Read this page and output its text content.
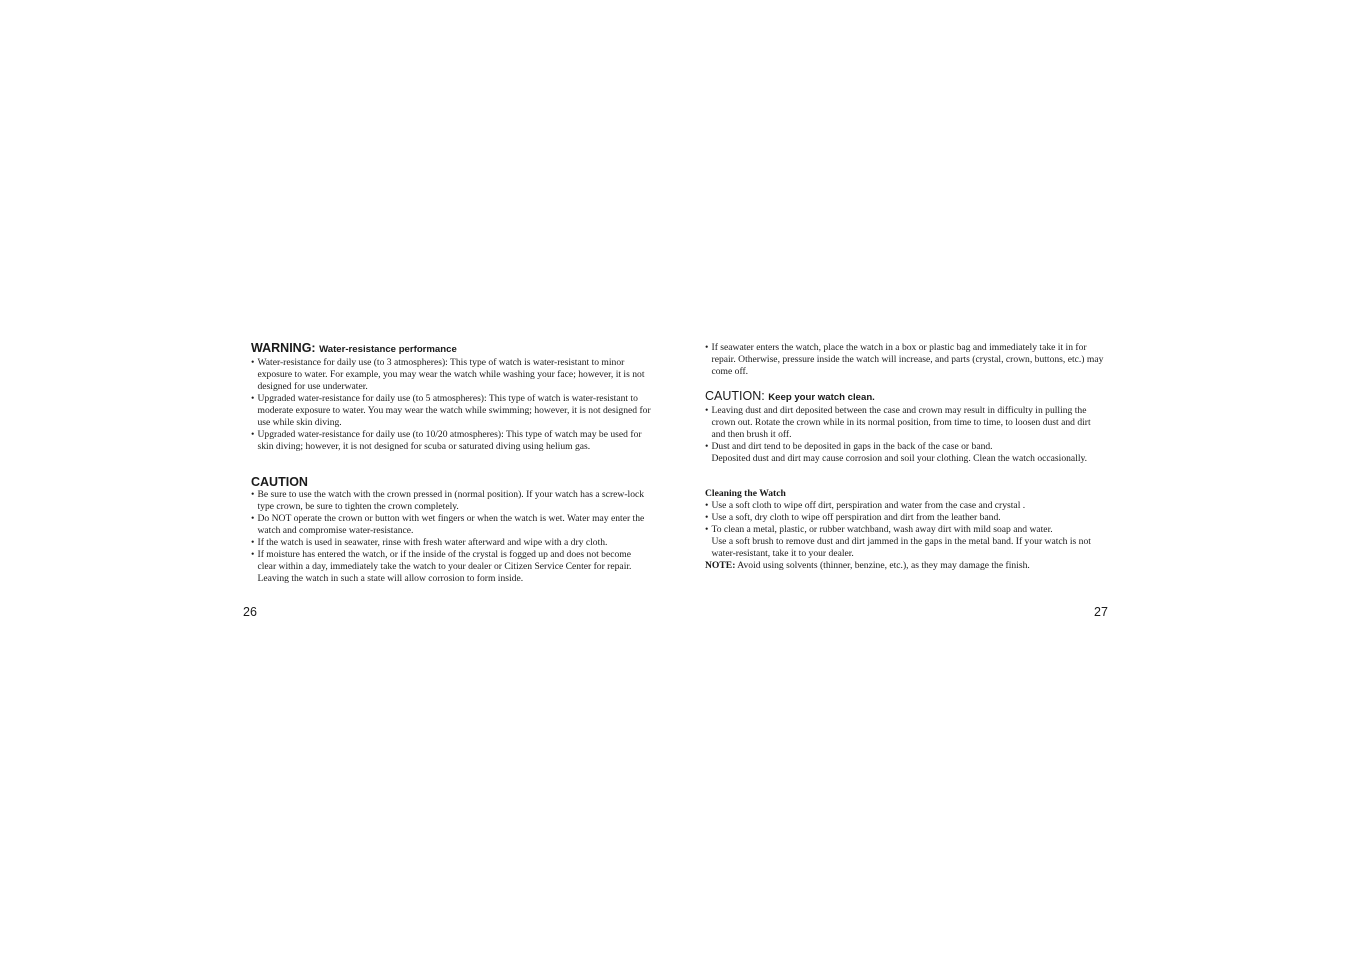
WARNING: Water-resistance performance
• Water-resistance for daily use (to 3 atmospheres): This type of watch is water-resistant to minor exposure to water. For example, you may wear the watch while washing your face; however, it is not designed for use underwater.
• Upgraded water-resistance for daily use (to 5 atmospheres): This type of watch is water-resistant to moderate exposure to water. You may wear the watch while swimming; however, it is not designed for use while skin diving.
• Upgraded water-resistance for daily use (to 10/20 atmospheres): This type of watch may be used for skin diving; however, it is not designed for scuba or saturated diving using helium gas.
CAUTION
• Be sure to use the watch with the crown pressed in (normal position). If your watch has a screw-lock type crown, be sure to tighten the crown completely.
• Do NOT operate the crown or button with wet fingers or when the watch is wet. Water may enter the watch and compromise water-resistance.
• If the watch is used in seawater, rinse with fresh water afterward and wipe with a dry cloth.
• If moisture has entered the watch, or if the inside of the crystal is fogged up and does not become clear within a day, immediately take the watch to your dealer or Citizen Service Center for repair. Leaving the watch in such a state will allow corrosion to form inside.
26
• If seawater enters the watch, place the watch in a box or plastic bag and immediately take it in for repair. Otherwise, pressure inside the watch will increase, and parts (crystal, crown, buttons, etc.) may come off.
CAUTION: Keep your watch clean.
• Leaving dust and dirt deposited between the case and crown may result in difficulty in pulling the crown out. Rotate the crown while in its normal position, from time to time, to loosen dust and dirt and then brush it off.
• Dust and dirt tend to be deposited in gaps in the back of the case or band.
Deposited dust and dirt may cause corrosion and soil your clothing. Clean the watch occasionally.
Cleaning the Watch
• Use a soft cloth to wipe off dirt, perspiration and water from the case and crystal .
• Use a soft, dry cloth to wipe off perspiration and dirt from the leather band.
• To clean a metal, plastic, or rubber watchband, wash away dirt with mild soap and water.
Use a soft brush to remove dust and dirt jammed in the gaps in the metal band. If your watch is not water-resistant, take it to your dealer.
NOTE: Avoid using solvents (thinner, benzine, etc.), as they may damage the finish.
27
